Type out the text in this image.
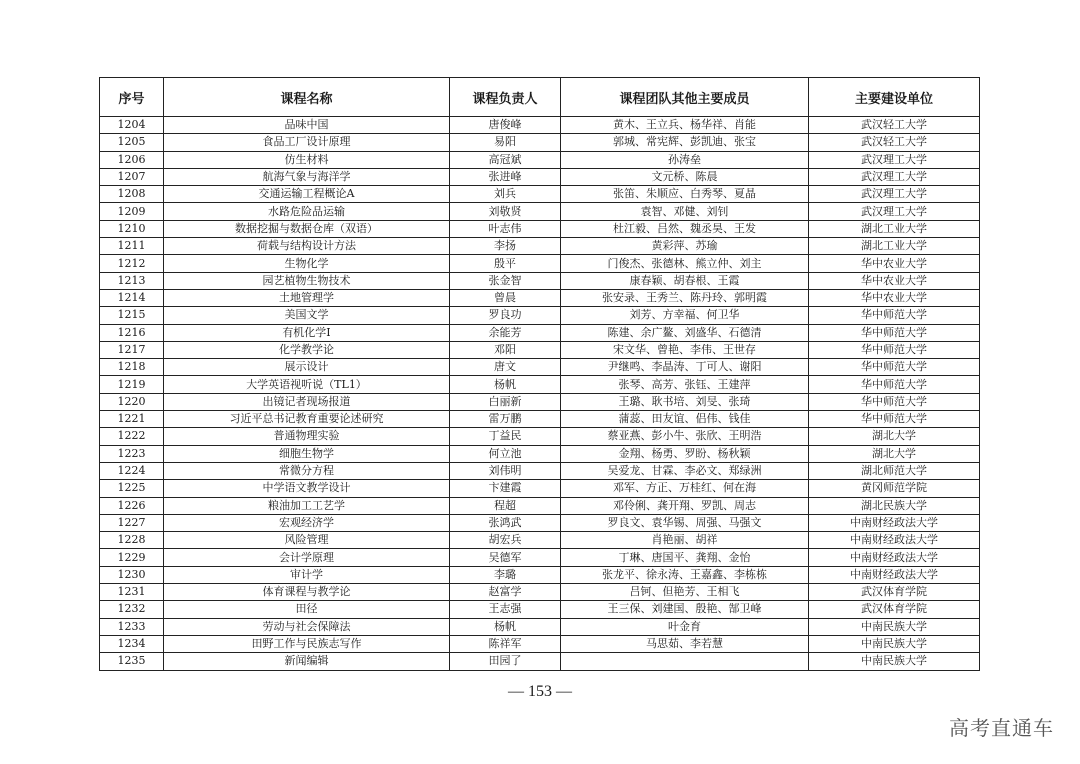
序号	课程名称	课程负责人	课程团队其他主要成员	主要建设单位
1204	品味中国	唐俊峰	黄木、王立兵、杨华祥、肖能	武汉轻工大学
1205	食品工厂设计原理	易阳	郭城、常宪辉、彭凯迪、张宝	武汉轻工大学
1206	仿生材料	高冠斌	孙涛垒	武汉理工大学
1207	航海气象与海洋学	张进峰	文元桥、陈晨	武汉理工大学
1208	交通运输工程概论A	刘兵	张笛、朱顺应、白秀琴、夏晶	武汉理工大学
1209	水路危险品运输	刘敬贤	袁智、邓健、刘钊	武汉理工大学
1210	数据挖掘与数据仓库（双语）	叶志伟	杜江毅、吕然、魏丞昊、王发	湖北工业大学
1211	荷载与结构设计方法	李扬	黄彩萍、苏瑜	湖北工业大学
1212	生物化学	殷平	门俊杰、张德林、熊立仲、刘主	华中农业大学
1213	园艺植物生物技术	张金智	康春颖、胡春根、王霞	华中农业大学
1214	土地管理学	曾晨	张安录、王秀兰、陈丹玲、郭明霞	华中农业大学
1215	美国文学	罗良功	刘芳、方幸福、何卫华	华中师范大学
1216	有机化学I	余能芳	陈建、余广鳌、刘盛华、石德清	华中师范大学
1217	化学教学论	邓阳	宋文华、曾艳、李伟、王世存	华中师范大学
1218	展示设计	唐文	尹继鸣、李晶涛、丁可人、谢阳	华中师范大学
1219	大学英语视听说（TL1）	杨帆	张琴、高芳、张钰、王建萍	华中师范大学
1220	出镜记者现场报道	白丽新	王璐、耿书培、刘旻、张琦	华中师范大学
1221	习近平总书记教育重要论述研究	雷万鹏	蒲蕊、田友谊、侣伟、钱佳	华中师范大学
1222	普通物理实验	丁益民	蔡亚燕、彭小牛、张欣、王明浩	湖北大学
1223	细胞生物学	何立池	金翔、杨勇、罗盼、杨秋颖	湖北大学
1224	常微分方程	刘伟明	吴爱龙、甘霖、李必文、郑绿洲	湖北师范大学
1225	中学语文教学设计	卞建霞	邓军、方正、万桂红、何在海	黄冈师范学院
1226	粮油加工工艺学	程超	邓伶俐、龚开翔、罗凯、周志	湖北民族大学
1227	宏观经济学	张鸿武	罗良文、袁华锡、周强、马强文	中南财经政法大学
1228	风险管理	胡宏兵	肖艳丽、胡祥	中南财经政法大学
1229	会计学原理	吴德军	丁琳、唐国平、龚翔、金怡	中南财经政法大学
1230	审计学	李璐	张龙平、徐永涛、王嘉鑫、李栋栋	中南财经政法大学
1231	体育课程与教学论	赵富学	吕钶、但艳芳、王相飞	武汉体育学院
1232	田径	王志强	王三保、刘建国、殷艳、郜卫峰	武汉体育学院
1233	劳动与社会保障法	杨帆	叶金育	中南民族大学
1234	田野工作与民族志写作	陈祥军	马思茹、李若慧	中南民族大学
1235	新闻编辑	田园了		中南民族大学
— 153 —
高考直通车
